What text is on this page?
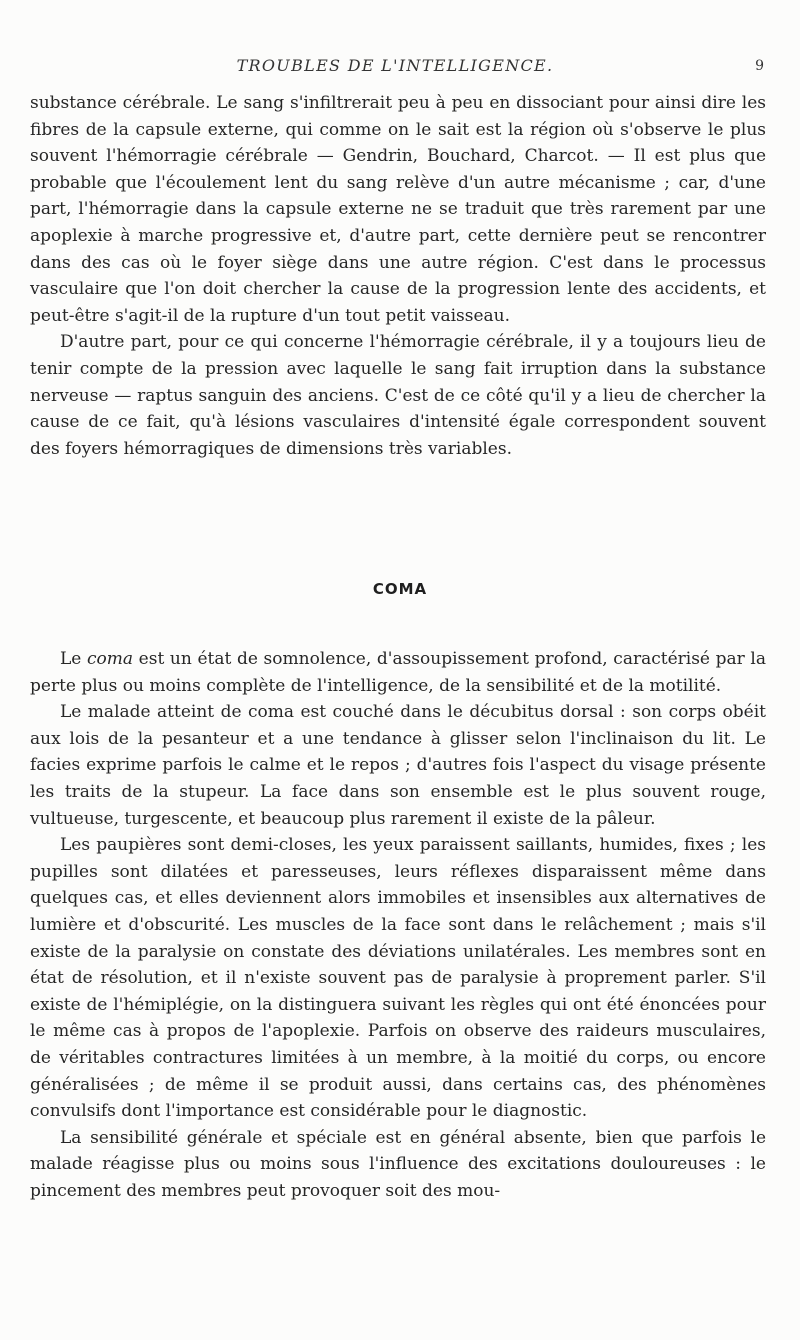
TROUBLES DE L'INTELLIGENCE.	9

substance cérébrale. Le sang s'infiltrerait peu à peu en dissociant pour ainsi dire les fibres de la capsule externe, qui comme on le sait est la région où s'observe le plus souvent l'hémorragie cérébrale — Gendrin, Bouchard, Charcot. — Il est plus que probable que l'écoulement lent du sang relève d'un autre mécanisme ; car, d'une part, l'hémorragie dans la capsule externe ne se traduit que très rarement par une apoplexie à marche progressive et, d'autre part, cette dernière peut se rencontrer dans des cas où le foyer siège dans une autre région. C'est dans le processus vasculaire que l'on doit chercher la cause de la progression lente des accidents, et peut-être s'agit-il de la rupture d'un tout petit vaisseau.

D'autre part, pour ce qui concerne l'hémorragie cérébrale, il y a toujours lieu de tenir compte de la pression avec laquelle le sang fait irruption dans la substance nerveuse — raptus sanguin des anciens. C'est de ce côté qu'il y a lieu de chercher la cause de ce fait, qu'à lésions vasculaires d'intensité égale correspondent souvent des foyers hémorragiques de dimensions très variables.

COMA

Le coma est un état de somnolence, d'assoupissement profond, caractérisé par la perte plus ou moins complète de l'intelligence, de la sensibilité et de la motilité.

Le malade atteint de coma est couché dans le décubitus dorsal : son corps obéit aux lois de la pesanteur et a une tendance à glisser selon l'inclinaison du lit. Le facies exprime parfois le calme et le repos ; d'autres fois l'aspect du visage présente les traits de la stupeur. La face dans son ensemble est le plus souvent rouge, vultueuse, turgescente, et beaucoup plus rarement il existe de la pâleur.

Les paupières sont demi-closes, les yeux paraissent saillants, humides, fixes ; les pupilles sont dilatées et paresseuses, leurs réflexes disparaissent même dans quelques cas, et elles deviennent alors immobiles et insensibles aux alternatives de lumière et d'obscurité. Les muscles de la face sont dans le relâchement ; mais s'il existe de la paralysie on constate des déviations unilatérales. Les membres sont en état de résolution, et il n'existe souvent pas de paralysie à proprement parler. S'il existe de l'hémiplégie, on la distinguera suivant les règles qui ont été énoncées pour le même cas à propos de l'apoplexie. Parfois on observe des raideurs musculaires, de véritables contractures limitées à un membre, à la moitié du corps, ou encore généralisées ; de même il se produit aussi, dans certains cas, des phénomènes convulsifs dont l'importance est considérable pour le diagnostic.

La sensibilité générale et spéciale est en général absente, bien que parfois le malade réagisse plus ou moins sous l'influence des excitations douloureuses : le pincement des membres peut provoquer soit des mou-
